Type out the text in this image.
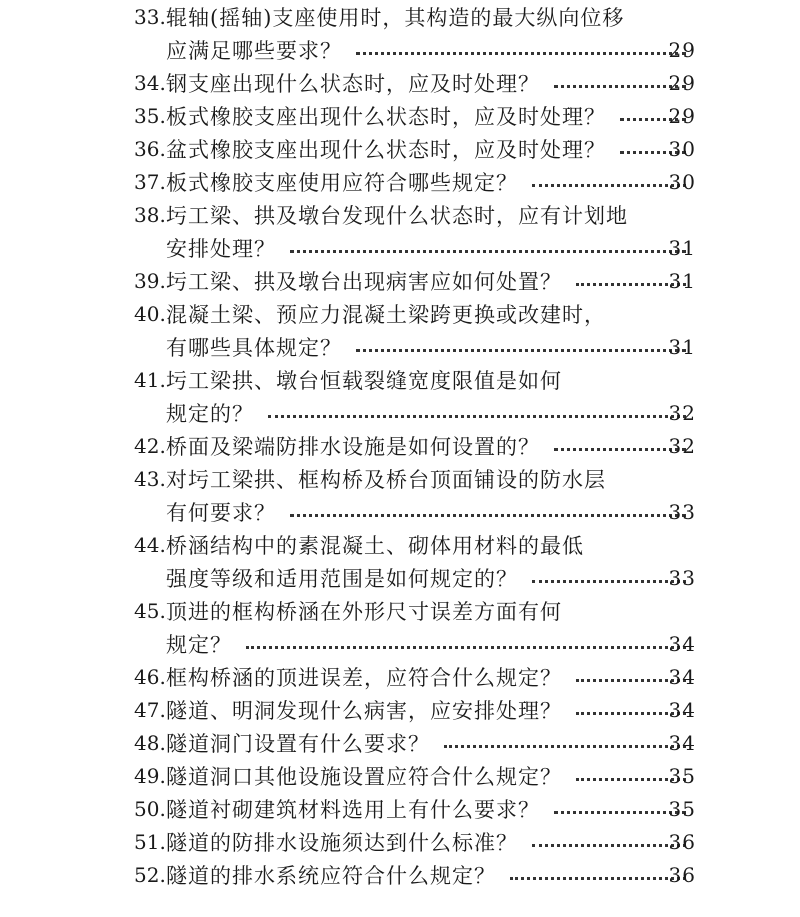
33. 辊轴(摇轴)支座使用时，其构造的最大纵向位移
应满足哪些要求？	29
34. 钢支座出现什么状态时，应及时处理？	29
35. 板式橡胶支座出现什么状态时，应及时处理？	29
36. 盆式橡胶支座出现什么状态时，应及时处理？	30
37. 板式橡胶支座使用应符合哪些规定？	30
38. 圬工梁、拱及墩台发现什么状态时，应有计划地
安排处理？	31
39. 圬工梁、拱及墩台出现病害应如何处置？	31
40. 混凝土梁、预应力混凝土梁跨更换或改建时，
有哪些具体规定？	31
41. 圬工梁拱、墩台恒载裂缝宽度限值是如何
规定的？	32
42. 桥面及梁端防排水设施是如何设置的？	32
43. 对圬工梁拱、框构桥及桥台顶面铺设的防水层
有何要求？	33
44. 桥涵结构中的素混凝土、砌体用材料的最低
强度等级和适用范围是如何规定的？	33
45. 顶进的框构桥涵在外形尺寸误差方面有何
规定？	34
46. 框构桥涵的顶进误差，应符合什么规定？	34
47. 隧道、明洞发现什么病害，应安排处理？	34
48. 隧道洞门设置有什么要求？	34
49. 隧道洞口其他设施设置应符合什么规定？	35
50. 隧道衬砌建筑材料选用上有什么要求？	35
51. 隧道的防排水设施须达到什么标准？	36
52. 隧道的排水系统应符合什么规定？	36
